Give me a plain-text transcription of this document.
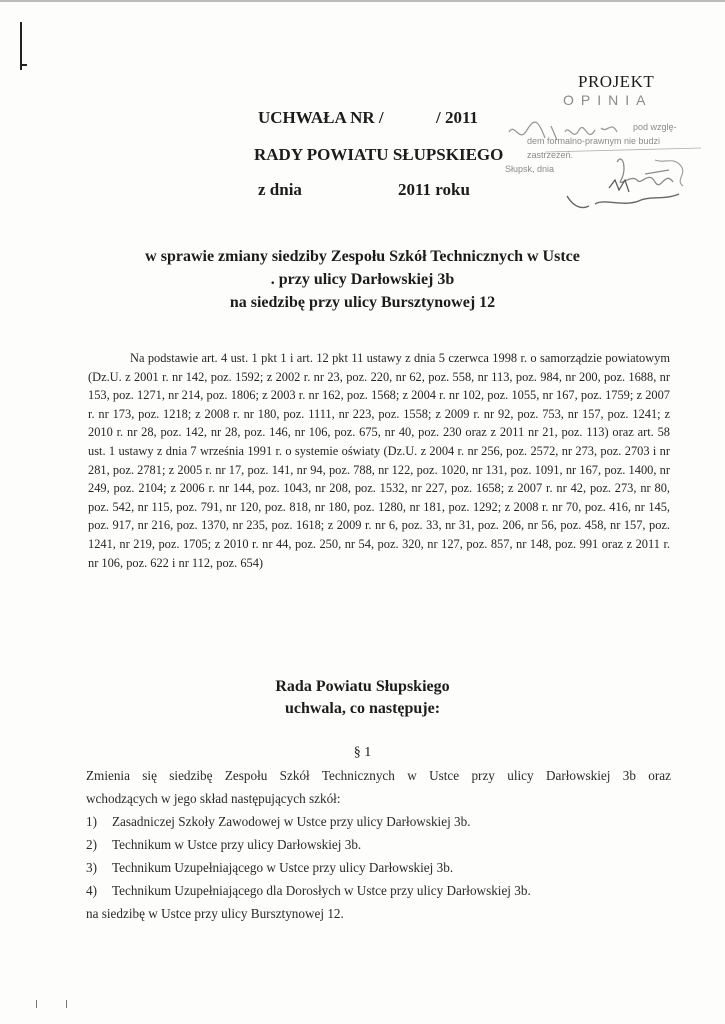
PROJEKT
UCHWAŁA NR /	/ 2011
RADY POWIATU SŁUPSKIEGO
z dnia	2011 roku
OPINIA
pod wzglę-
dem formalno-prawnym nie budzi
zastrzeżeń.
Słupsk, dnia
w sprawie zmiany siedziby Zespołu Szkół Technicznych w Ustce
. przy ulicy Darłowskiej 3b
na siedzibę przy ulicy Bursztynowej 12
Na podstawie art. 4 ust. 1 pkt 1 i art. 12 pkt 11 ustawy z dnia 5 czerwca 1998 r. o samorządzie powiatowym (Dz.U. z 2001 r. nr 142, poz. 1592; z 2002 r. nr 23, poz. 220, nr 62, poz. 558, nr 113, poz. 984, nr 200, poz. 1688, nr 153, poz. 1271, nr 214, poz. 1806; z 2003 r. nr 162, poz. 1568; z 2004 r. nr 102, poz. 1055, nr 167, poz. 1759; z 2007 r. nr 173, poz. 1218; z 2008 r. nr 180, poz. 1111, nr 223, poz. 1558; z 2009 r. nr 92, poz. 753, nr 157, poz. 1241; z 2010 r. nr 28, poz. 142, nr 28, poz. 146, nr 106, poz. 675, nr 40, poz. 230 oraz z 2011 nr 21, poz. 113) oraz art. 58 ust. 1 ustawy z dnia 7 września 1991 r. o systemie oświaty (Dz.U. z 2004 r. nr 256, poz. 2572, nr 273, poz. 2703 i nr 281, poz. 2781; z 2005 r. nr 17, poz. 141, nr 94, poz. 788, nr 122, poz. 1020, nr 131, poz. 1091, nr 167, poz. 1400, nr 249, poz. 2104; z 2006 r. nr 144, poz. 1043, nr 208, poz. 1532, nr 227, poz. 1658; z 2007 r. nr 42, poz. 273, nr 80, poz. 542, nr 115, poz. 791, nr 120, poz. 818, nr 180, poz. 1280, nr 181, poz. 1292; z 2008 r. nr 70, poz. 416, nr 145, poz. 917, nr 216, poz. 1370, nr 235, poz. 1618; z 2009 r. nr 6, poz. 33, nr 31, poz. 206, nr 56, poz. 458, nr 157, poz. 1241, nr 219, poz. 1705; z 2010 r. nr 44, poz. 250, nr 54, poz. 320, nr 127, poz. 857, nr 148, poz. 991 oraz z 2011 r. nr 106, poz. 622 i nr 112, poz. 654)
Rada Powiatu Słupskiego
uchwala, co następuje:
§ 1
Zmienia się siedzibę Zespołu Szkół Technicznych w Ustce przy ulicy Darłowskiej 3b oraz
wchodzących w jego skład następujących szkół:
1) Zasadniczej Szkoły Zawodowej w Ustce przy ulicy Darłowskiej 3b.
2) Technikum w Ustce przy ulicy Darłowskiej 3b.
3) Technikum Uzupełniającego w Ustce przy ulicy Darłowskiej 3b.
4) Technikum Uzupełniającego dla Dorosłych w Ustce przy ulicy Darłowskiej 3b.
na siedzibę w Ustce przy ulicy Bursztynowej 12.
